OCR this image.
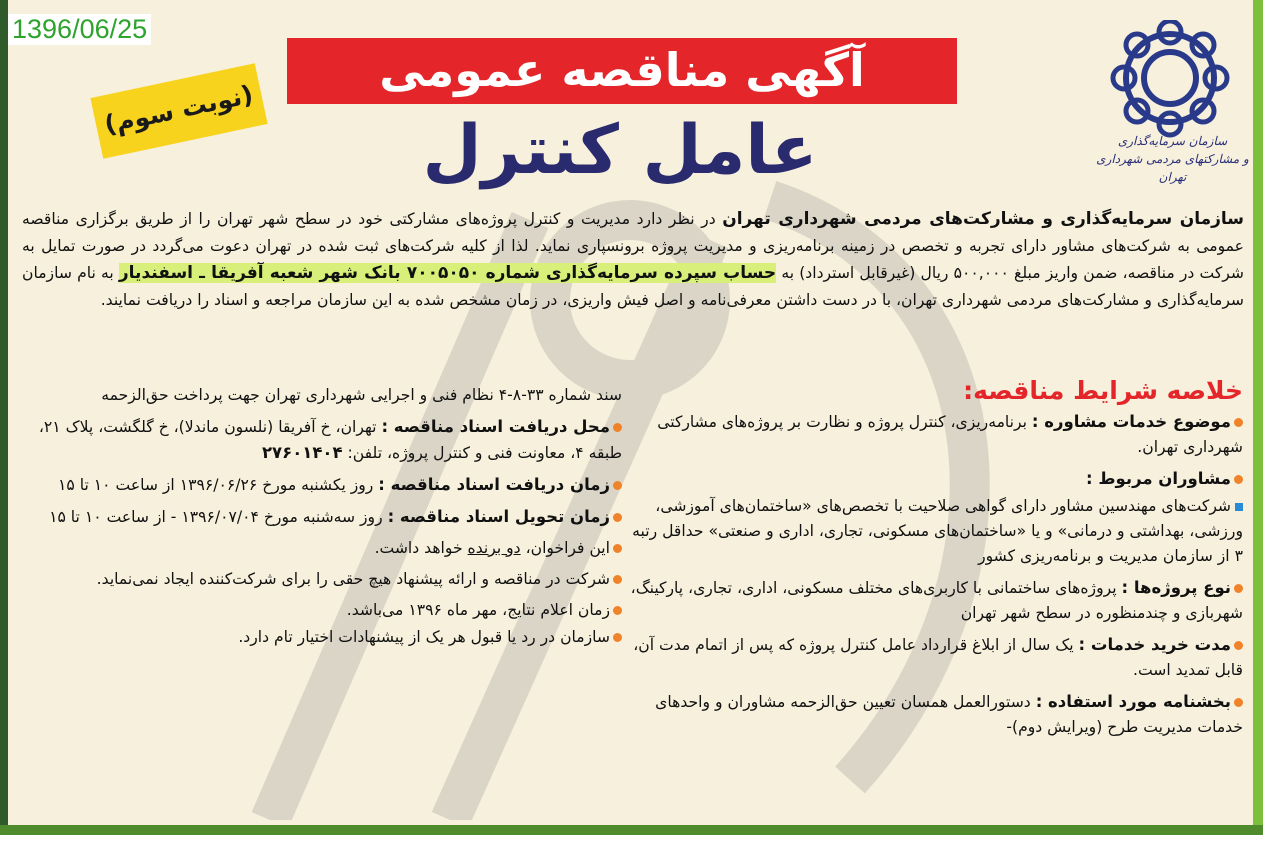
1396/06/25
آگهی مناقصه عمومی
(نوبت سوم)
عامل کنترل	سازمان سرمایه‌گذاری
و مشارکتهای مردمی شهرداری تهران
سازمان سرمایه‌گذاری و مشارکت‌های مردمی شهرداری تهران در نظر دارد مدیریت و کنترل پروژه‌های مشارکتی خود در سطح شهر تهران را از طریق برگزاری مناقصه عمومی به شرکت‌های مشاور دارای تجربه و تخصص در زمینه برنامه‌ریزی و مدیریت پروژه برونسپاری نماید. لذا از کلیه شرکت‌های ثبت شده در تهران دعوت می‌گردد در صورت تمایل به شرکت در مناقصه، ضمن واریز مبلغ ۵۰۰,۰۰۰ ریال (غیرقابل استرداد) به حساب سپرده سرمایه‌گذاری شماره ۷۰۰۵۰۵۰ بانک شهر شعبه آفریقا ـ اسفندیار به نام سازمان سرمایه‌گذاری و مشارکت‌های مردمی شهرداری تهران، با در دست داشتن معرفی‌نامه و اصل فیش واریزی، در زمان مشخص شده به این سازمان مراجعه و اسناد را دریافت نمایند.
خلاصه شرایط مناقصه:
موضوع خدمات مشاوره : برنامه‌ریزی، کنترل پروژه و نظارت بر پروژه‌های مشارکتی شهرداری تهران.
مشاوران مربوط :
شرکت‌های مهندسین مشاور دارای گواهی صلاحیت با تخصص‌های «ساختمان‌های آموزشی، ورزشی، بهداشتی و درمانی» و یا «ساختمان‌های مسکونی، تجاری، اداری و صنعتی» حداقل رتبه ۳ از سازمان مدیریت و برنامه‌ریزی کشور
نوع پروژه‌ها : پروژه‌های ساختمانی با کاربری‌های مختلف مسکونی، اداری، تجاری، پارکینگ، شهربازی و چندمنظوره در سطح شهر تهران
مدت خرید خدمات : یک سال از ابلاغ قرارداد عامل کنترل پروژه که پس از اتمام مدت آن، قابل تمدید است.
بخشنامه مورد استفاده : دستورالعمل همسان تعیین حق‌الزحمه مشاوران و واحدهای خدمات مدیریت طرح (ویرایش دوم)-
سند شماره ۳۳-۸-۴ نظام فنی و اجرایی شهرداری تهران جهت پرداخت حق‌الزحمه
محل دریافت اسناد مناقصه : تهران، خ آفریقا (نلسون ماندلا)، خ گلگشت، پلاک ۲۱، طبقه ۴، معاونت فنی و کنترل پروژه، تلفن: ۲۷۶۰۱۴۰۴
زمان دریافت اسناد مناقصه : روز یکشنبه مورخ ۱۳۹۶/۰۶/۲۶ از ساعت ۱۰ تا ۱۵
زمان تحویل اسناد مناقصه : روز سه‌شنبه مورخ ۱۳۹۶/۰۷/۰۴ - از ساعت ۱۰ تا ۱۵
این فراخوان، دو برنده خواهد داشت.
شرکت در مناقصه و ارائه پیشنهاد هیچ حقی را برای شرکت‌کننده ایجاد نمی‌نماید.
زمان اعلام نتایج، مهر ماه ۱۳۹۶ می‌باشد.
سازمان در رد یا قبول هر یک از پیشنهادات اختیار تام دارد.
